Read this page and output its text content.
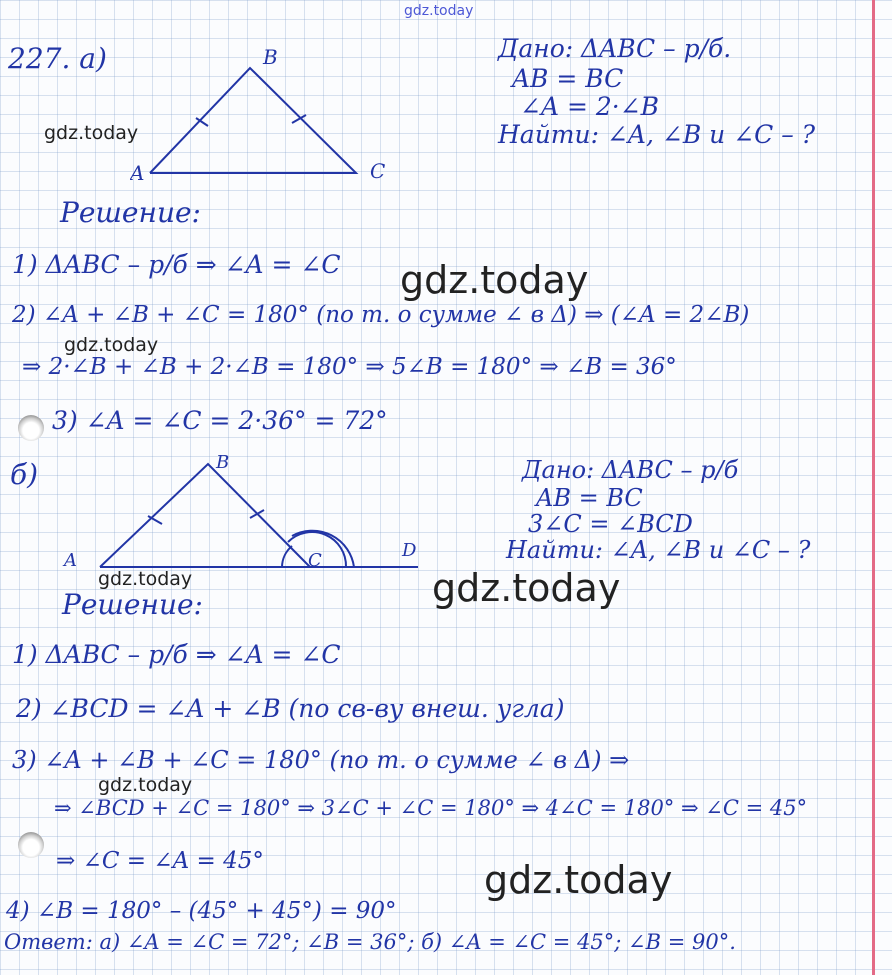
gdz.today
227. а)	B
A	C
gdz.today
Дано: ΔABC – р/б.
AB = BC
∠A = 2·∠B
Найти: ∠A, ∠B и ∠C – ?
Решение:
1) ΔABC – р/б ⇒ ∠A = ∠C gdz.today
2) ∠A + ∠B + ∠C = 180° (по т. о сумме ∠ в Δ) ⇒ (∠A = 2∠B)
gdz.today
⇒ 2·∠B + ∠B + 2·∠B = 180° ⇒ 5∠B = 180° ⇒ ∠B = 36°
3) ∠A = ∠C = 2·36° = 72°
б)	B
A	C	D
Дано: ΔABC – р/б
AB = BC
3∠C = ∠BCD
Найти: ∠A, ∠B и ∠C – ?
gdz.today	gdz.today
Решение:
1) ΔABC – р/б ⇒ ∠A = ∠C
2) ∠BCD = ∠A + ∠B (по св-ву внеш. угла)
3) ∠A + ∠B + ∠C = 180° (по т. о сумме ∠ в Δ) ⇒
gdz.today
⇒ ∠BCD + ∠C = 180° ⇒ 3∠C + ∠C = 180° ⇒ 4∠C = 180° ⇒ ∠C = 45°
⇒ ∠C = ∠A = 45°	gdz.today
4) ∠B = 180° – (45° + 45°) = 90°
Ответ: а) ∠A = ∠C = 72°; ∠B = 36°; б) ∠A = ∠C = 45°; ∠B = 90°.
